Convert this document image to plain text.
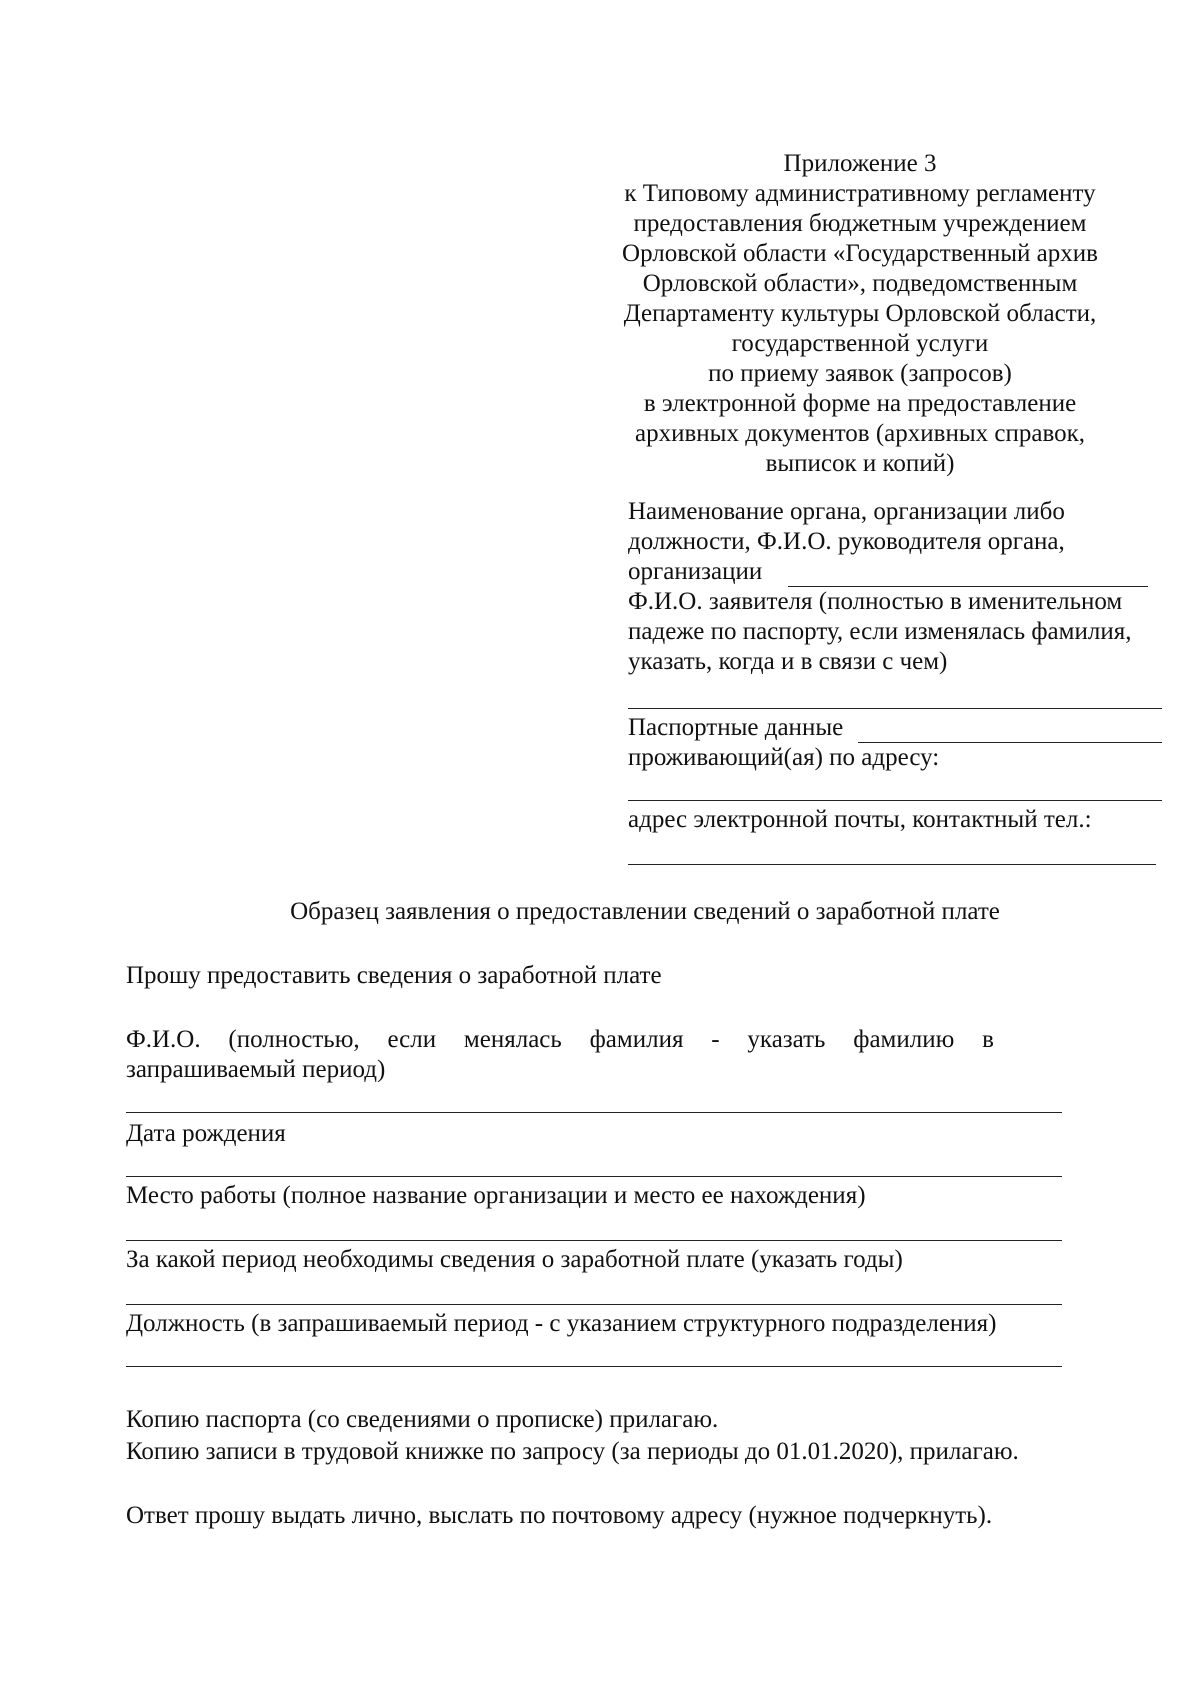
Приложение 3
к Типовому административному регламенту
предоставления бюджетным учреждением
Орловской области «Государственный архив
Орловской области», подведомственным
Департаменту культуры Орловской области,
государственной услуги
по приему заявок (запросов)
в электронной форме на предоставление
архивных документов (архивных справок,
выписок и копий)
Наименование органа, организации либо
должности, Ф.И.О. руководителя органа,
организации
Ф.И.О. заявителя (полностью в именительном
падеже по паспорту, если изменялась фамилия,
указать, когда и в связи с чем)
Паспортные данные
проживающий(ая) по адресу:
адрес электронной почты, контактный тел.:
Образец заявления о предоставлении сведений о заработной плате
Прошу предоставить сведения о заработной плате
Ф.И.О. (полностью, если менялась фамилия - указать фамилию в
запрашиваемый период)
Дата рождения
Место работы (полное название организации и место ее нахождения)
За какой период необходимы сведения о заработной плате (указать годы)
Должность (в запрашиваемый период - с указанием структурного подразделения)
Копию паспорта (со сведениями о прописке) прилагаю.
Копию записи в трудовой книжке по запросу (за периоды до 01.01.2020), прилагаю.
Ответ прошу выдать лично, выслать по почтовому адресу (нужное подчеркнуть).
